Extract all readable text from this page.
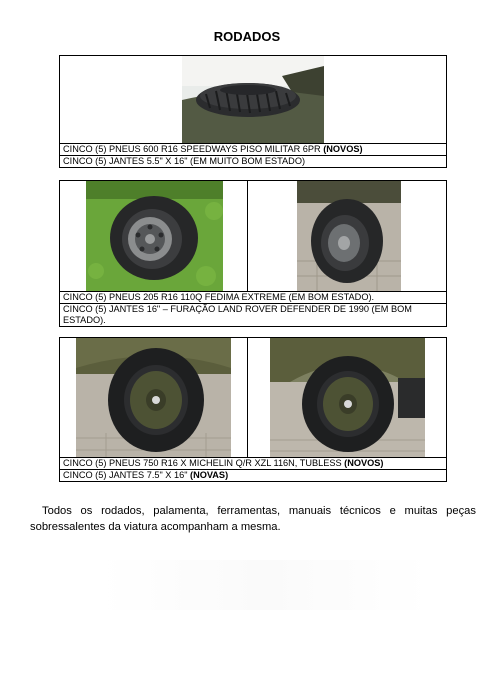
RODADOS
CINCO (5) PNEUS 600 R16 SPEEDWAYS PISO MILITAR 6PR (NOVOS)
CINCO (5) JANTES 5.5" X 16" (EM MUITO BOM ESTADO)
CINCO (5) PNEUS 205 R16 110Q FEDIMA EXTREME (EM BOM ESTADO).
CINCO (5) JANTES 16" – FURAÇÃO LAND ROVER DEFENDER DE 1990 (EM BOM ESTADO).
CINCO (5) PNEUS 750 R16 X MICHELIN Q/R XZL 116N, TUBLESS (NOVOS)
CINCO (5) JANTES 7.5" X 16" (NOVAS)

Todos os rodados, palamenta, ferramentas, manuais técnicos e muitas peças sobressalentes da viatura acompanham a mesma.
